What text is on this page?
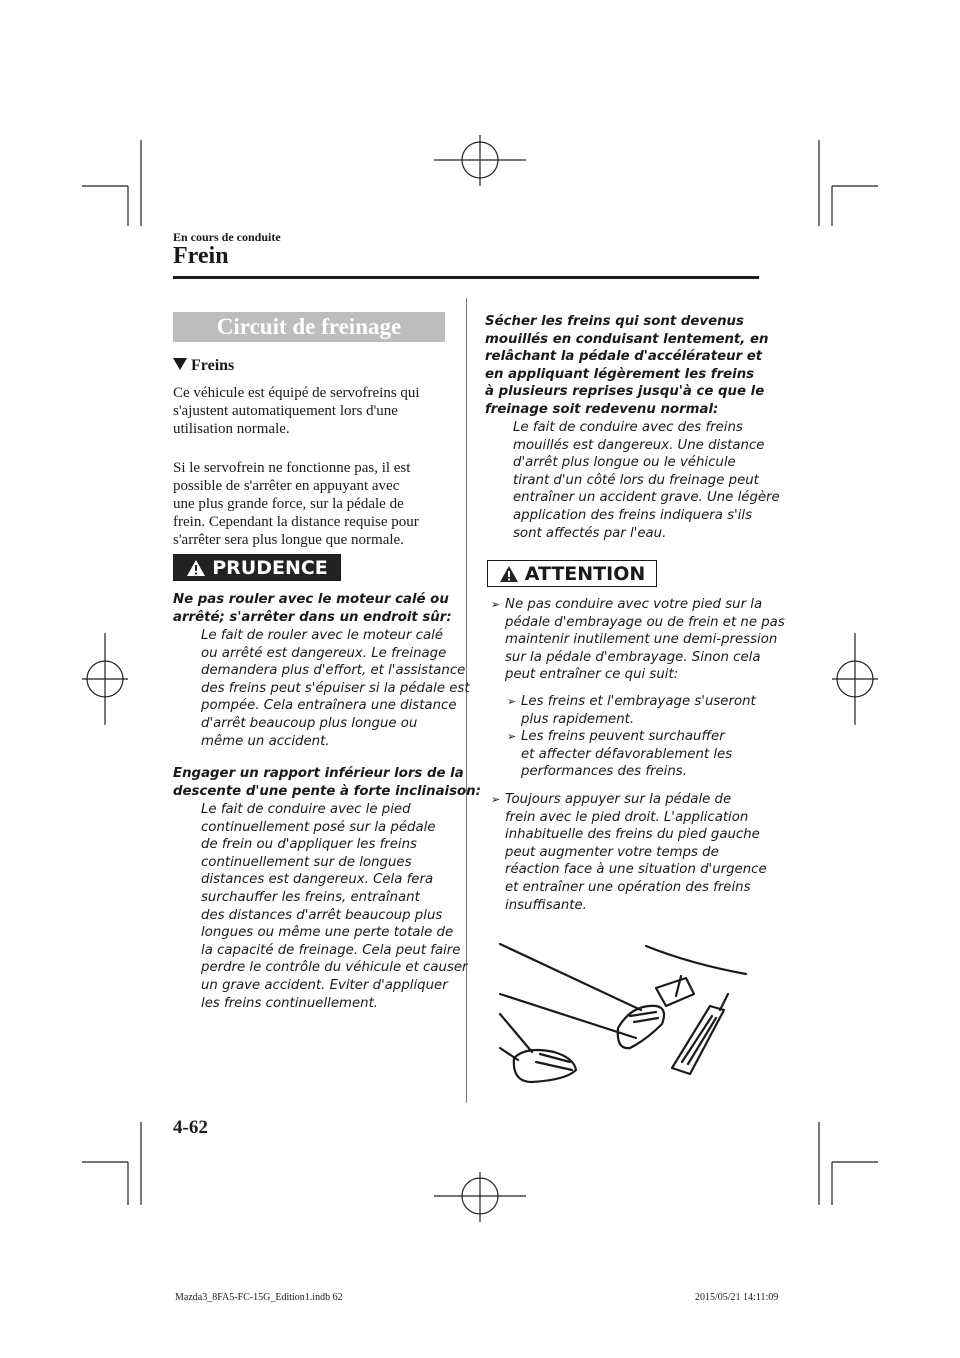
En cours de conduite
Frein
Circuit de freinage
Freins
Ce véhicule est équipé de servofreins qui
s'ajustent automatiquement lors d'une
utilisation normale.
Si le servofrein ne fonctionne pas, il est
possible de s'arrêter en appuyant avec
une plus grande force, sur la pédale de
frein. Cependant la distance requise pour
s'arrêter sera plus longue que normale.
PRUDENCE
Ne pas rouler avec le moteur calé ou
arrêté; s'arrêter dans un endroit sûr:
Le fait de rouler avec le moteur calé
ou arrêté est dangereux. Le freinage
demandera plus d'effort, et l'assistance
des freins peut s'épuiser si la pédale est
pompée. Cela entraînera une distance
d'arrêt beaucoup plus longue ou
même un accident.
Engager un rapport inférieur lors de la
descente d'une pente à forte inclinaison:
Le fait de conduire avec le pied
continuellement posé sur la pédale
de frein ou d'appliquer les freins
continuellement sur de longues
distances est dangereux. Cela fera
surchauffer les freins, entraînant
des distances d'arrêt beaucoup plus
longues ou même une perte totale de
la capacité de freinage. Cela peut faire
perdre le contrôle du véhicule et causer
un grave accident. Eviter d'appliquer
les freins continuellement.
Sécher les freins qui sont devenus
mouillés en conduisant lentement, en
relâchant la pédale d'accélérateur et
en appliquant légèrement les freins
à plusieurs reprises jusqu'à ce que le
freinage soit redevenu normal:
Le fait de conduire avec des freins
mouillés est dangereux. Une distance
d'arrêt plus longue ou le véhicule
tirant d'un côté lors du freinage peut
entraîner un accident grave. Une légère
application des freins indiquera s'ils
sont affectés par l'eau.
ATTENTION
➢ Ne pas conduire avec votre pied sur la
pédale d'embrayage ou de frein et ne pas
maintenir inutilement une demi-pression
sur la pédale d'embrayage. Sinon cela
peut entraîner ce qui suit:
➢ Les freins et l'embrayage s'useront
plus rapidement.
➢ Les freins peuvent surchauffer
et affecter défavorablement les
performances des freins.
➢ Toujours appuyer sur la pédale de
frein avec le pied droit. L'application
inhabituelle des freins du pied gauche
peut augmenter votre temps de
réaction face à une situation d'urgence
et entraîner une opération des freins
insuffisante.
4-62
Mazda3_8FA5-FC-15G_Edition1.indb 62	2015/05/21 14:11:09
